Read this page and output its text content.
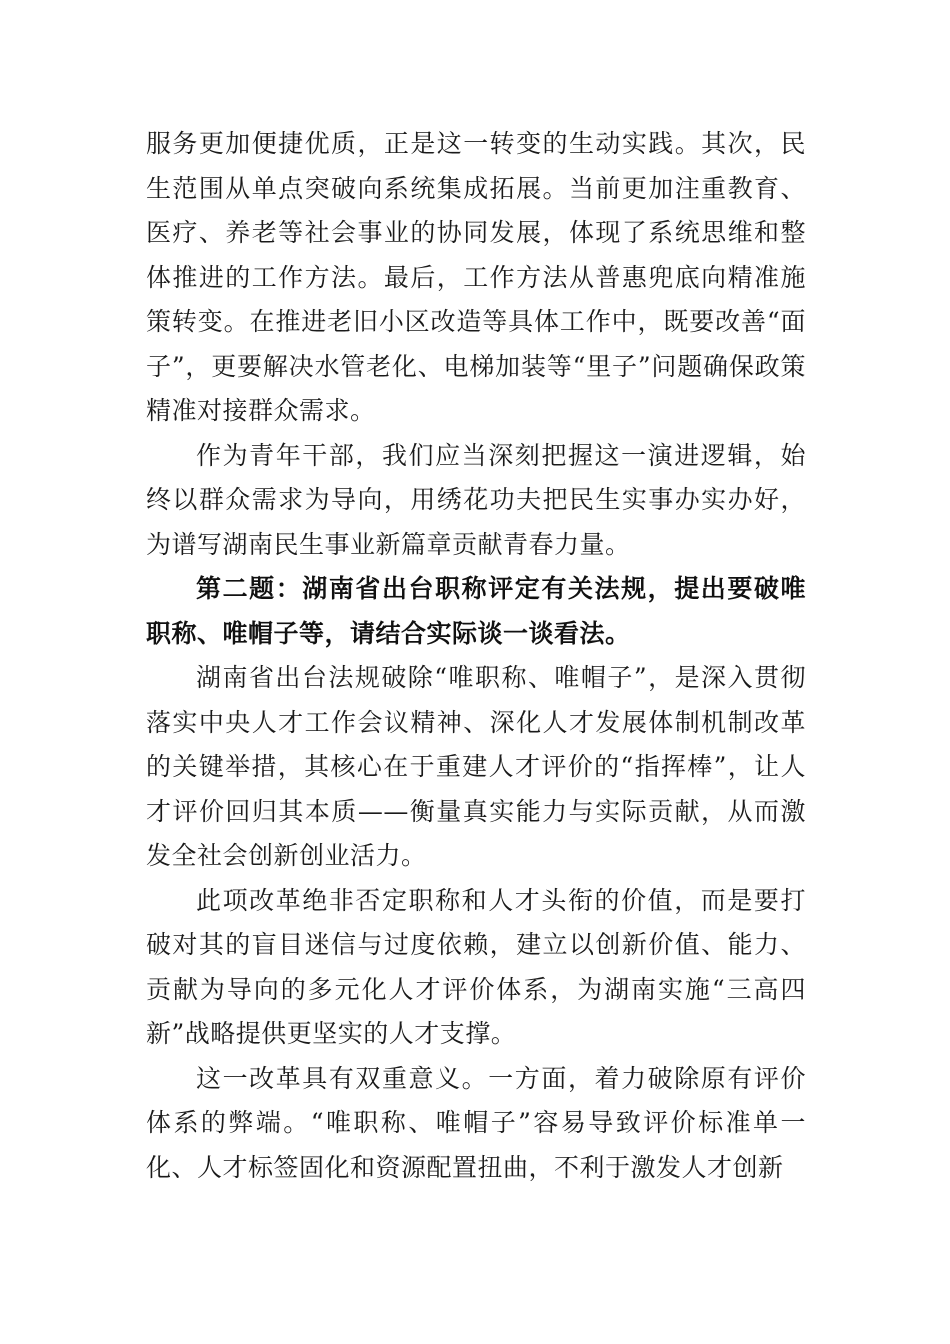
服务更加便捷优质，正是这一转变的生动实践。其次，民生范围从单点突破向系统集成拓展。当前更加注重教育、医疗、养老等社会事业的协同发展，体现了系统思维和整体推进的工作方法。最后，工作方法从普惠兜底向精准施策转变。在推进老旧小区改造等具体工作中，既要改善“面子”，更要解决水管老化、电梯加装等“里子”问题确保政策精准对接群众需求。

作为青年干部，我们应当深刻把握这一演进逻辑，始终以群众需求为导向，用绣花功夫把民生实事办实办好，为谱写湖南民生事业新篇章贡献青春力量。

第二题：湖南省出台职称评定有关法规，提出要破唯职称、唯帽子等，请结合实际谈一谈看法。

湖南省出台法规破除“唯职称、唯帽子”，是深入贯彻落实中央人才工作会议精神、深化人才发展体制机制改革的关键举措，其核心在于重建人才评价的“指挥棒”，让人才评价回归其本质——衡量真实能力与实际贡献，从而激发全社会创新创业活力。

此项改革绝非否定职称和人才头衔的价值，而是要打破对其的盲目迷信与过度依赖，建立以创新价值、能力、贡献为导向的多元化人才评价体系，为湖南实施“三高四新”战略提供更坚实的人才支撑。

这一改革具有双重意义。一方面，着力破除原有评价体系的弊端。“唯职称、唯帽子”容易导致评价标准单一化、人才标签固化和资源配置扭曲，不利于激发人才创新
